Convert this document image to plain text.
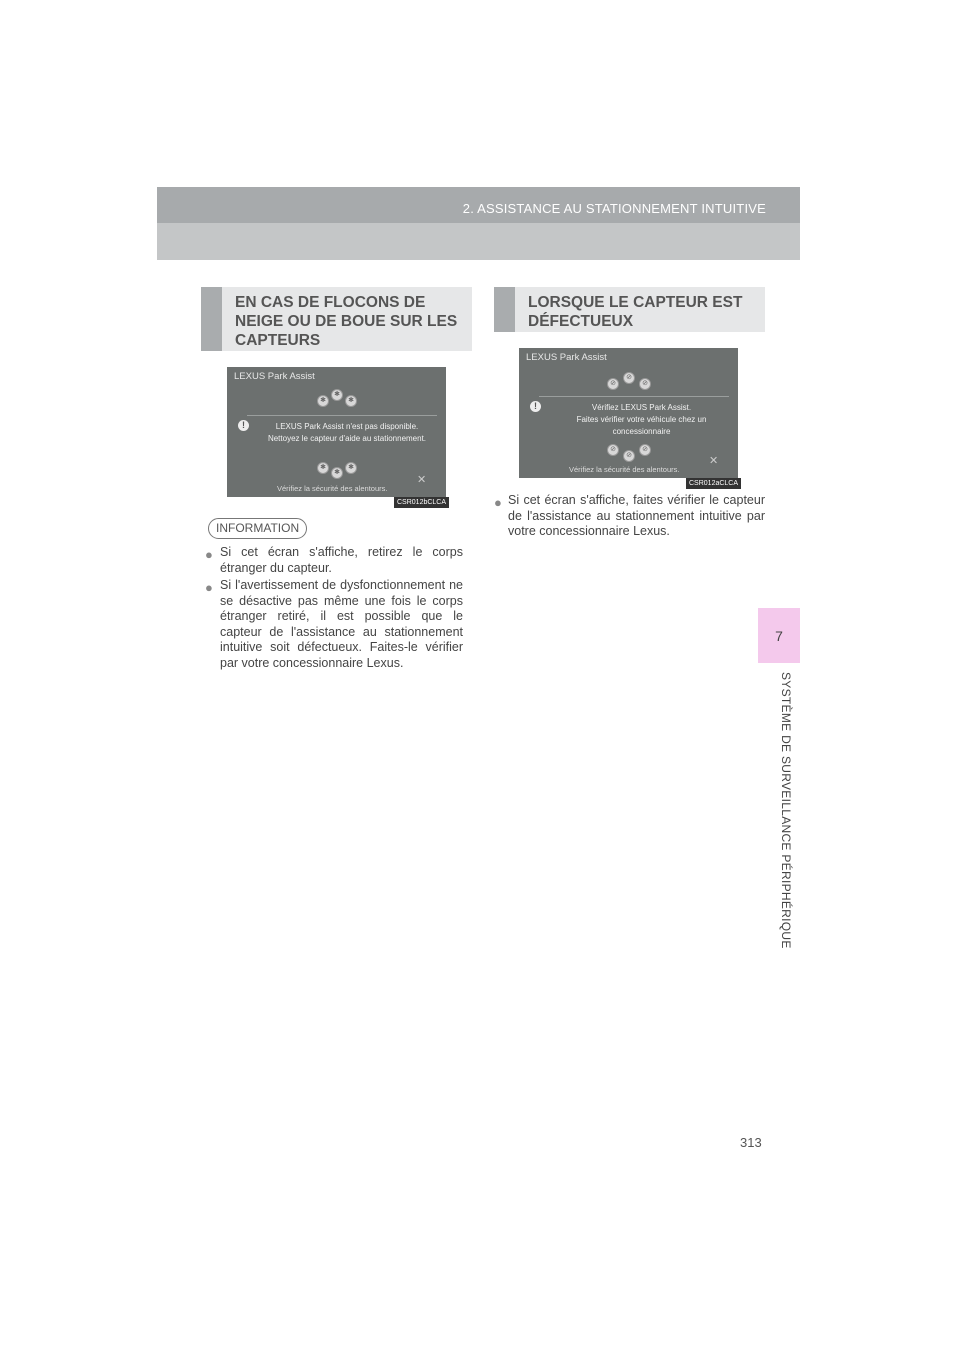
2. ASSISTANCE AU STATIONNEMENT INTUITIVE
7
SYSTÈME DE SURVEILLANCE PÉRIPHÉRIQUE
EN CAS DE FLOCONS DE
NEIGE OU DE BOUE SUR LES
CAPTEURS
LEXUS Park Assist
✱
✱
✱
!	LEXUS Park Assist n'est pas disponible.
Nettoyez le capteur d'aide au stationnement.
✱
✱
✱
Vérifiez la sécurité des alentours.
✕
CSR012bCLCA
INFORMATION
● Si cet écran s'affiche, retirez le corps étranger du capteur.
● Si l'avertissement de dysfonctionnement ne se désactive pas même une fois le corps étranger retiré, il est possible que le capteur de l'assistance au stationnement intuitive soit défectueux. Faites-le vérifier par votre concessionnaire Lexus.
LORSQUE LE CAPTEUR EST
DÉFECTUEUX
LEXUS Park Assist
⊘
⊘
⊘
!	Vérifiez LEXUS Park Assist.
Faites vérifier votre véhicule chez un concessionnaire
⊘
⊘
⊘
Vérifiez la sécurité des alentours.
✕
CSR012aCLCA
● Si cet écran s'affiche, faites vérifier le capteur de l'assistance au stationnement intuitive par votre concessionnaire Lexus.
313
